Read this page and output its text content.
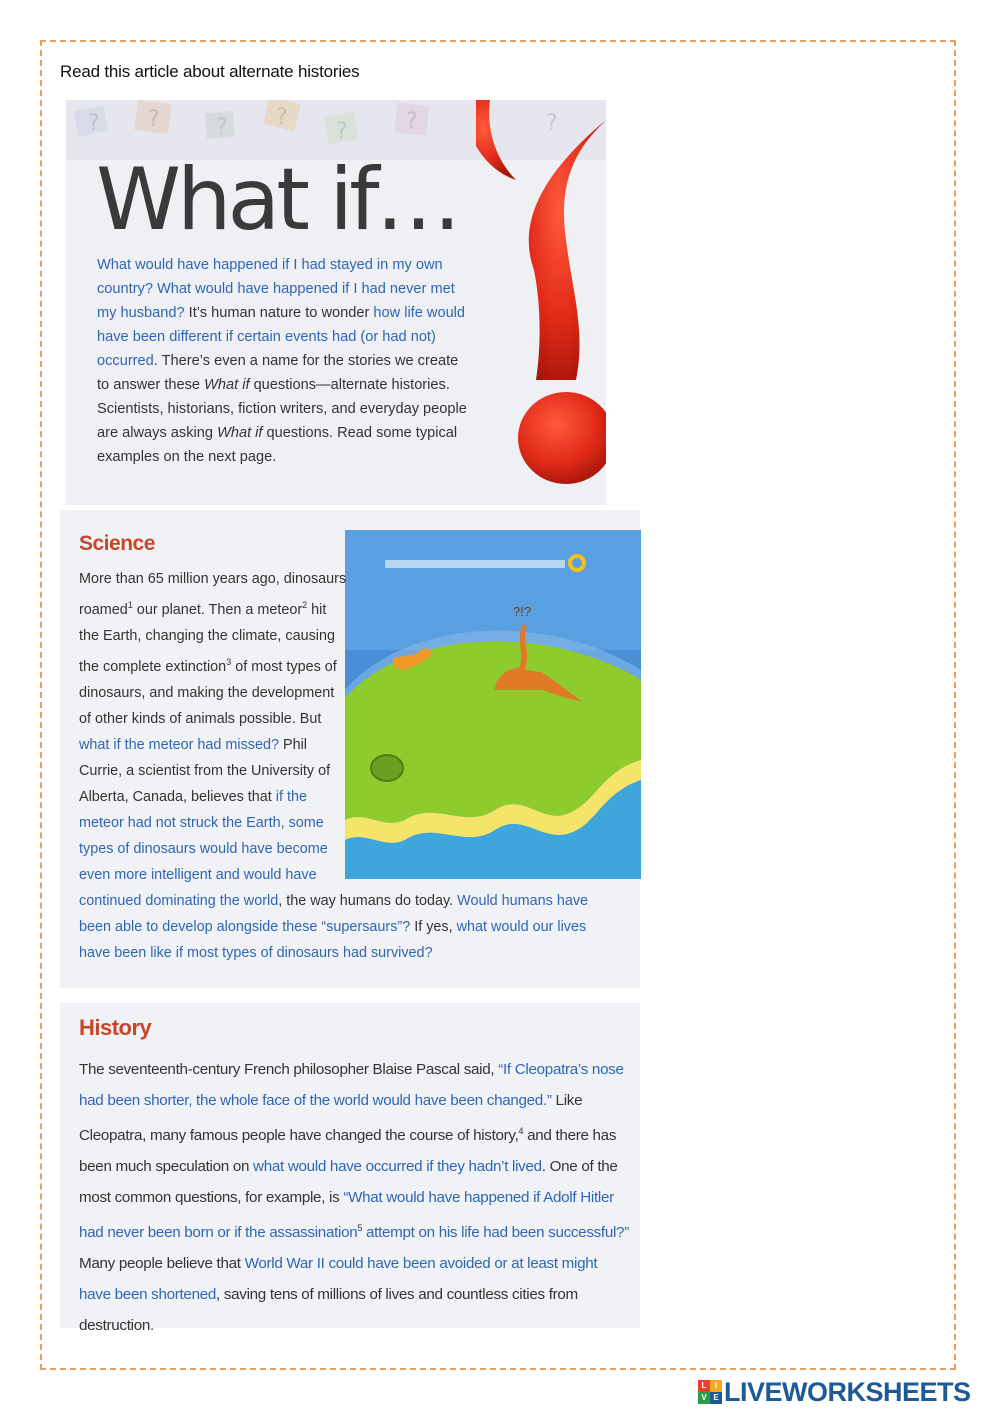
Read this article about alternate histories
? ?	? ?
?	?	?
What if…

What would have happened if I had stayed in my own country? What would have happened if I had never met my husband? It’s human nature to wonder how life would have been different if certain events had (or had not) occurred. There’s even a name for the stories we create to answer these What if questions—alternate histories. Scientists, historians, fiction writers, and everyday people are always asking What if questions. Read some typical examples on the next page.

Science
?!?

More than 65 million years ago, dinosaurs roamed$^1$ our planet. Then a meteor$^2$ hit the Earth, changing the climate, causing the complete extinction$^3$ of most types of dinosaurs, and making the development of other kinds of animals possible. But what if the meteor had missed? Phil Currie, a scientist from the University of Alberta, Canada, believes that if the meteor had not struck the Earth, some types of dinosaurs would have become even more intelligent and would have continued dominating the world, the way humans do today. Would humans have been able to develop alongside these “supersaurs”? If yes, what would our lives have been like if most types of dinosaurs had survived?

History

The seventeenth-century French philosopher Blaise Pascal said, “If Cleopatra’s nose had been shorter, the whole face of the world would have been changed.” Like Cleopatra, many famous people have changed the course of history,$^4$ and there has been much speculation on what would have occurred if they hadn’t lived. One of the most common questions, for example, is “What would have happened if Adolf Hitler had never been born or if the assassination$^5$ attempt on his life had been successful?” Many people believe that World War II could have been avoided or at least might have been shortened, saving tens of millions of lives and countless cities from destruction.

L	I
V E LIVEWORKSHEETS
